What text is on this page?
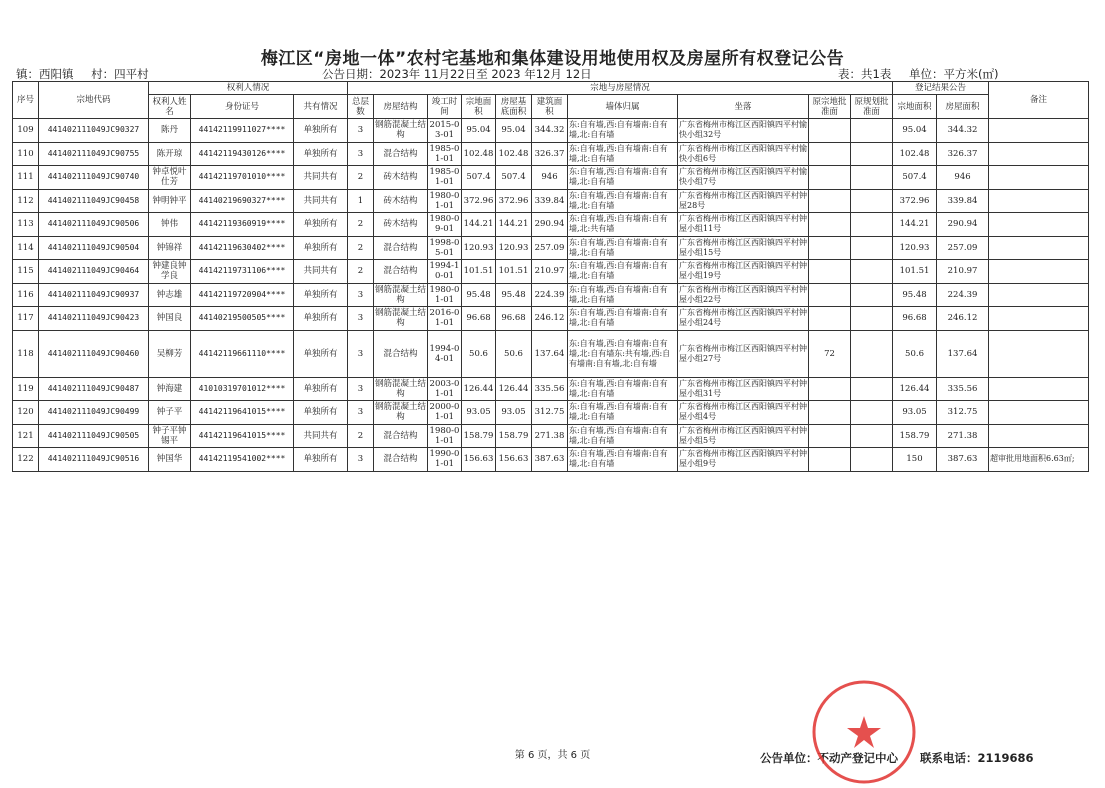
梅江区“房地一体”农村宅基地和集体建设用地使用权及房屋所有权登记公告
镇：西阳镇 村：四平村	公告日期：2023年 11月22日至 2023 年12月 12日	表：共1表 单位：平方米(㎡)
序号	宗地代码	权利人情况			宗地与房屋情况										登记结果公告		备注
		权利人姓名	身份证号	共有情况	总层数	房屋结构	竣工时间	宗地面积	房屋基底面积	建筑面积	墙体归属	坐落	原宗地批准面	原规划批准面	宗地面积	房屋面积	
109	441402111049JC90327	陈丹	44142119911027****	单独所有	3	钢筋混凝土结构	2015-03-01	95.04	95.04	344.32	东:自有墙,西:自有墙南:自有墙,北:自有墙	广东省梅州市梅江区西阳镇四平村愉快小组32号			95.04	344.32	
110	441402111049JC90755	陈开琼	44142119430126****	单独所有	3	混合结构	1985-01-01	102.48	102.48	326.37	东:自有墙,西:自有墙南:自有墙,北:自有墙	广东省梅州市梅江区西阳镇四平村愉快小组6号			102.48	326.37	
111	441402111049JC90740	钟卓悦叶仕芳	44142119701010****	共同共有	2	砖木结构	1985-01-01	507.4	507.4	946	东:自有墙,西:自有墙南:自有墙,北:自有墙	广东省梅州市梅江区西阳镇四平村愉快小组7号			507.4	946	
112	441402111049JC90458	钟明钟平	44140219690327****	共同共有	1	砖木结构	1980-01-01	372.96	372.96	339.84	东:自有墙,西:自有墙南:自有墙,北:自有墙	广东省梅州市梅江区西阳镇四平村钟屋28号			372.96	339.84	
113	441402111049JC90506	钟伟	44142119360919****	单独所有	2	砖木结构	1980-09-01	144.21	144.21	290.94	东:自有墙,西:自有墙南:自有墙,北:共有墙	广东省梅州市梅江区西阳镇四平村钟屋小组11号			144.21	290.94	
114	441402111049JC90504	钟锦祥	44142119630402****	单独所有	2	混合结构	1998-05-01	120.93	120.93	257.09	东:自有墙,西:自有墙南:自有墙,北:自有墙	广东省梅州市梅江区西阳镇四平村钟屋小组15号			120.93	257.09	
115	441402111049JC90464	钟建良钟学良	44142119731106****	共同共有	2	混合结构	1994-10-01	101.51	101.51	210.97	东:自有墙,西:自有墙南:自有墙,北:自有墙	广东省梅州市梅江区西阳镇四平村钟屋小组19号			101.51	210.97	
116	441402111049JC90937	钟志雄	44142119720904****	单独所有	3	钢筋混凝土结构	1980-01-01	95.48	95.48	224.39	东:自有墙,西:自有墙南:自有墙,北:自有墙	广东省梅州市梅江区西阳镇四平村钟屋小组22号			95.48	224.39	
117	441402111049JC90423	钟国良	44140219500505****	单独所有	3	钢筋混凝土结构	2016-01-01	96.68	96.68	246.12	东:自有墙,西:自有墙南:自有墙,北:自有墙	广东省梅州市梅江区西阳镇四平村钟屋小组24号			96.68	246.12	
118	441402111049JC90460	吴柳芳	44142119661110****	单独所有	3	混合结构	1994-04-01	50.6	50.6	137.64	东:自有墙,西:自有墙南:自有墙,北:自有墙东:共有墙,西:自有墙南:自有墙,北:自有墙	广东省梅州市梅江区西阳镇四平村钟屋小组27号	72		50.6	137.64	
119	441402111049JC90487	钟海建	41010319701012****	单独所有	3	钢筋混凝土结构	2003-01-01	126.44	126.44	335.56	东:自有墙,西:自有墙南:自有墙,北:自有墙	广东省梅州市梅江区西阳镇四平村钟屋小组31号			126.44	335.56	
120	441402111049JC90499	钟子平	44142119641015****	单独所有	3	钢筋混凝土结构	2000-01-01	93.05	93.05	312.75	东:自有墙,西:自有墙南:自有墙,北:自有墙	广东省梅州市梅江区西阳镇四平村钟屋小组4号			93.05	312.75	
121	441402111049JC90505	钟子平钟锡平	44142119641015****	共同共有	2	混合结构	1980-01-01	158.79	158.79	271.38	东:自有墙,西:自有墙南:自有墙,北:自有墙	广东省梅州市梅江区西阳镇四平村钟屋小组5号			158.79	271.38	
122	441402111049JC90516	钟国华	44142119541002****	单独所有	3	混合结构	1990-01-01	156.63	156.63	387.63	东:自有墙,西:自有墙南:自有墙,北:自有墙	广东省梅州市梅江区西阳镇四平村钟屋小组9号			150	387.63	超审批用地面积6.63㎡;
第 6 页，共 6 页	公告单位：不动产登记中心 联系电话：2119686
